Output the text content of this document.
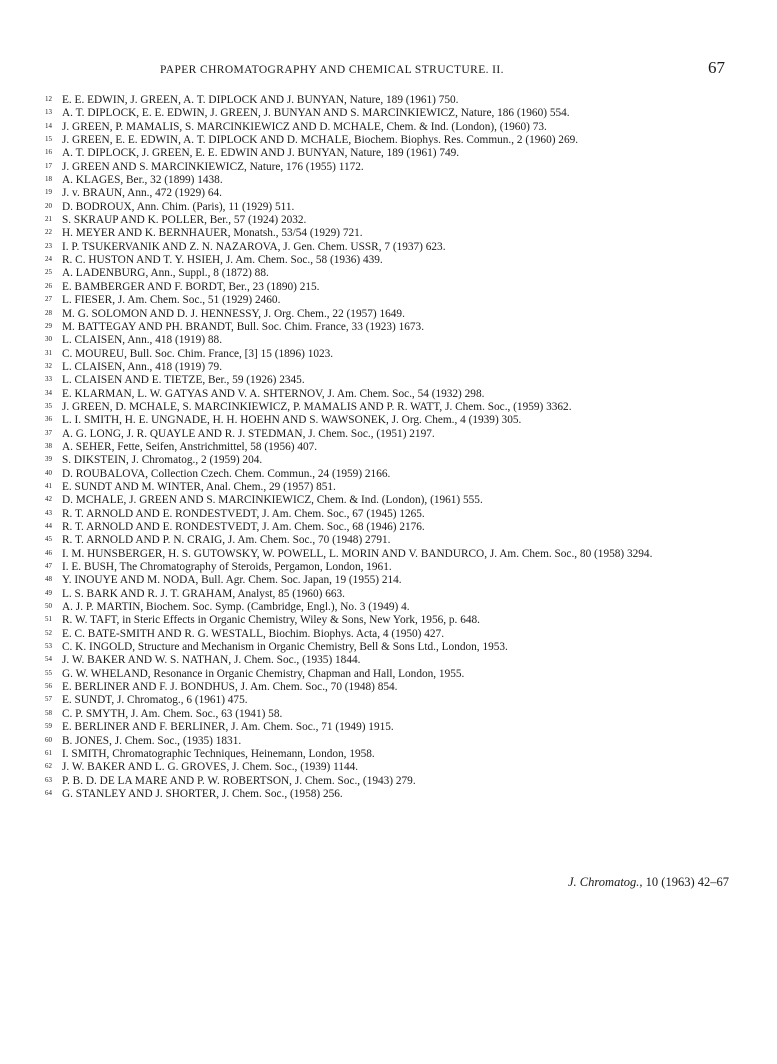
PAPER CHROMATOGRAPHY AND CHEMICAL STRUCTURE. II.	67
12 E. E. EDWIN, J. GREEN, A. T. DIPLOCK AND J. BUNYAN, Nature, 189 (1961) 750.
13 A. T. DIPLOCK, E. E. EDWIN, J. GREEN, J. BUNYAN AND S. MARCINKIEWICZ, Nature, 186 (1960) 554.
14 J. GREEN, P. MAMALIS, S. MARCINKIEWICZ AND D. MCHALE, Chem. & Ind. (London), (1960) 73.
15 J. GREEN, E. E. EDWIN, A. T. DIPLOCK AND D. MCHALE, Biochem. Biophys. Res. Commun., 2 (1960) 269.
16 A. T. DIPLOCK, J. GREEN, E. E. EDWIN AND J. BUNYAN, Nature, 189 (1961) 749.
17 J. GREEN AND S. MARCINKIEWICZ, Nature, 176 (1955) 1172.
18 A. KLAGES, Ber., 32 (1899) 1438.
19 J. v. BRAUN, Ann., 472 (1929) 64.
20 D. BODROUX, Ann. Chim. (Paris), 11 (1929) 511.
21 S. SKRAUP AND K. POLLER, Ber., 57 (1924) 2032.
22 H. MEYER AND K. BERNHAUER, Monatsh., 53/54 (1929) 721.
23 I. P. TSUKERVANIK AND Z. N. NAZAROVA, J. Gen. Chem. USSR, 7 (1937) 623.
24 R. C. HUSTON AND T. Y. HSIEH, J. Am. Chem. Soc., 58 (1936) 439.
25 A. LADENBURG, Ann., Suppl., 8 (1872) 88.
26 E. BAMBERGER AND F. BORDT, Ber., 23 (1890) 215.
27 L. FIESER, J. Am. Chem. Soc., 51 (1929) 2460.
28 M. G. SOLOMON AND D. J. HENNESSY, J. Org. Chem., 22 (1957) 1649.
29 M. BATTEGAY AND PH. BRANDT, Bull. Soc. Chim. France, 33 (1923) 1673.
30 L. CLAISEN, Ann., 418 (1919) 88.
31 C. MOUREU, Bull. Soc. Chim. France, [3] 15 (1896) 1023.
32 L. CLAISEN, Ann., 418 (1919) 79.
33 L. CLAISEN AND E. TIETZE, Ber., 59 (1926) 2345.
34 E. KLARMAN, L. W. GATYAS AND V. A. SHTERNOV, J. Am. Chem. Soc., 54 (1932) 298.
35 J. GREEN, D. MCHALE, S. MARCINKIEWICZ, P. MAMALIS AND P. R. WATT, J. Chem. Soc., (1959) 3362.
36 L. I. SMITH, H. E. UNGNADE, H. H. HOEHN AND S. WAWSONEK, J. Org. Chem., 4 (1939) 305.
37 A. G. LONG, J. R. QUAYLE AND R. J. STEDMAN, J. Chem. Soc., (1951) 2197.
38 A. SEHER, Fette, Seifen, Anstrichmittel, 58 (1956) 407.
39 S. DIKSTEIN, J. Chromatog., 2 (1959) 204.
40 D. ROUBALOVA, Collection Czech. Chem. Commun., 24 (1959) 2166.
41 E. SUNDT AND M. WINTER, Anal. Chem., 29 (1957) 851.
42 D. MCHALE, J. GREEN AND S. MARCINKIEWICZ, Chem. & Ind. (London), (1961) 555.
43 R. T. ARNOLD AND E. RONDESTVEDT, J. Am. Chem. Soc., 67 (1945) 1265.
44 R. T. ARNOLD AND E. RONDESTVEDT, J. Am. Chem. Soc., 68 (1946) 2176.
45 R. T. ARNOLD AND P. N. CRAIG, J. Am. Chem. Soc., 70 (1948) 2791.
46 I. M. HUNSBERGER, H. S. GUTOWSKY, W. POWELL, L. MORIN AND V. BANDURCO, J. Am. Chem. Soc., 80 (1958) 3294.
47 I. E. BUSH, The Chromatography of Steroids, Pergamon, London, 1961.
48 Y. INOUYE AND M. NODA, Bull. Agr. Chem. Soc. Japan, 19 (1955) 214.
49 L. S. BARK AND R. J. T. GRAHAM, Analyst, 85 (1960) 663.
50 A. J. P. MARTIN, Biochem. Soc. Symp. (Cambridge, Engl.), No. 3 (1949) 4.
51 R. W. TAFT, in Steric Effects in Organic Chemistry, Wiley & Sons, New York, 1956, p. 648.
52 E. C. BATE-SMITH AND R. G. WESTALL, Biochim. Biophys. Acta, 4 (1950) 427.
53 C. K. INGOLD, Structure and Mechanism in Organic Chemistry, Bell & Sons Ltd., London, 1953.
54 J. W. BAKER AND W. S. NATHAN, J. Chem. Soc., (1935) 1844.
55 G. W. WHELAND, Resonance in Organic Chemistry, Chapman and Hall, London, 1955.
56 E. BERLINER AND F. J. BONDHUS, J. Am. Chem. Soc., 70 (1948) 854.
57 E. SUNDT, J. Chromatog., 6 (1961) 475.
58 C. P. SMYTH, J. Am. Chem. Soc., 63 (1941) 58.
59 E. BERLINER AND F. BERLINER, J. Am. Chem. Soc., 71 (1949) 1915.
60 B. JONES, J. Chem. Soc., (1935) 1831.
61 I. SMITH, Chromatographic Techniques, Heinemann, London, 1958.
62 J. W. BAKER AND L. G. GROVES, J. Chem. Soc., (1939) 1144.
63 P. B. D. DE LA MARE AND P. W. ROBERTSON, J. Chem. Soc., (1943) 279.
64 G. STANLEY AND J. SHORTER, J. Chem. Soc., (1958) 256.
J. Chromatog., 10 (1963) 42–67
